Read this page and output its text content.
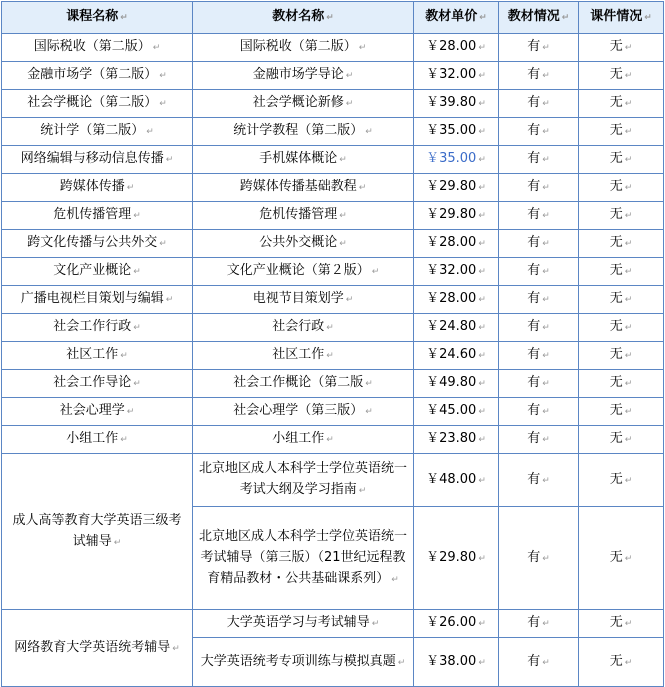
课程名称 ↵	教材名称 ↵	教材单价 ↵	教材情况 ↵	课件情况 ↵
国际税收（第二版） ↵	国际税收（第二版） ↵	￥28.00 ↵	有 ↵	无 ↵
金融市场学（第二版） ↵	金融市场学导论 ↵	￥32.00 ↵	有 ↵	无 ↵
社会学概论（第二版） ↵	社会学概论新修 ↵	￥39.80 ↵	有 ↵	无 ↵
统计学（第二版） ↵	统计学教程（第二版） ↵	￥35.00 ↵	有 ↵	无 ↵
网络编辑与移动信息传播 ↵	手机媒体概论 ↵	￥35.00 ↵	有 ↵	无 ↵
跨媒体传播 ↵	跨媒体传播基础教程 ↵	￥29.80 ↵	有 ↵	无 ↵
危机传播管理 ↵	危机传播管理 ↵	￥29.80 ↵	有 ↵	无 ↵
跨文化传播与公共外交 ↵	公共外交概论 ↵	￥28.00 ↵	有 ↵	无 ↵
文化产业概论 ↵	文化产业概论（第２版） ↵	￥32.00 ↵	有 ↵	无 ↵
广播电视栏目策划与编辑 ↵	电视节目策划学 ↵	￥28.00 ↵	有 ↵	无 ↵
社会工作行政 ↵	社会行政 ↵	￥24.80 ↵	有 ↵	无 ↵
社区工作 ↵	社区工作 ↵	￥24.60 ↵	有 ↵	无 ↵
社会工作导论 ↵	社会工作概论（第二版 ↵	￥49.80 ↵	有 ↵	无 ↵
社会心理学 ↵	社会心理学（第三版） ↵	￥45.00 ↵	有 ↵	无 ↵
小组工作 ↵	小组工作 ↵	￥23.80 ↵	有 ↵	无 ↵
成人高等教育大学英语三级考试辅导 ↵	北京地区成人本科学士学位英语统一考试大纲及学习指南 ↵	￥48.00 ↵	有 ↵	无 ↵
	北京地区成人本科学士学位英语统一考试辅导（第三版）（21世纪远程教育精品教材・公共基础课系列） ↵	￥29.80 ↵	有 ↵	无 ↵
网络教育大学英语统考辅导 ↵	大学英语学习与考试辅导 ↵	￥26.00 ↵	有 ↵	无 ↵
	大学英语统考专项训练与模拟真题 ↵	￥38.00 ↵	有 ↵	无 ↵
